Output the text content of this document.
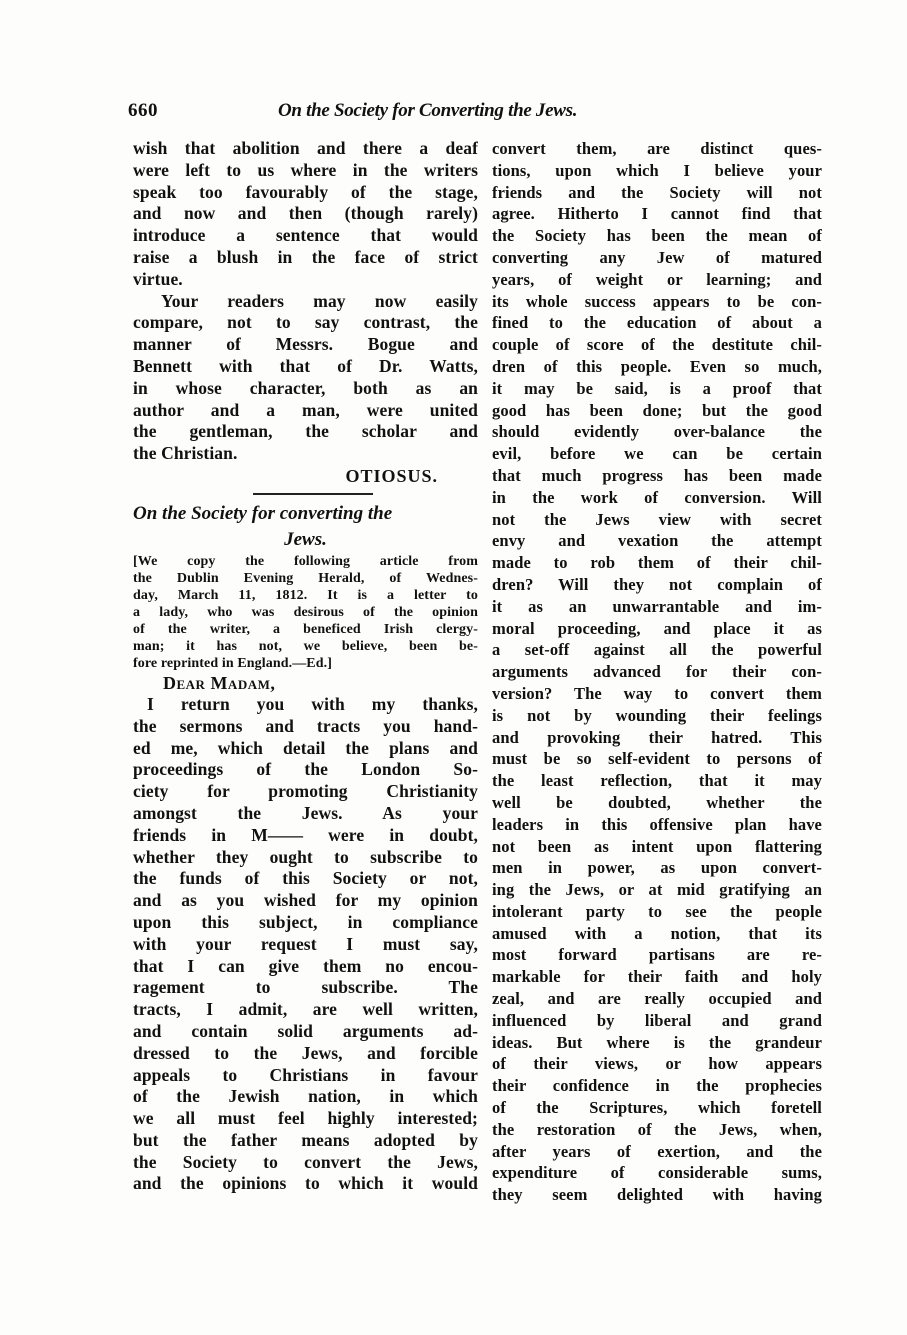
660	On the Society for Converting the Jews.
wish that abolition and there a deaf
were left to us where in the writers
speak too favourably of the stage,
and now and then (though rarely)
introduce a sentence that would
raise a blush in the face of strict
virtue.
Your readers may now easily
compare, not to say contrast, the
manner of Messrs. Bogue and
Bennett with that of Dr. Watts,
in whose character, both as an
author and a man, were united
the gentleman, the scholar and
the Christian.
OTIOSUS.
On the Society for converting the
Jews.
[We copy the following article from
the Dublin Evening Herald, of Wednes-
day, March 11, 1812. It is a letter to
a lady, who was desirous of the opinion
of the writer, a beneficed Irish clergy-
man; it has not, we believe, been be-
fore reprinted in England.—Ed.]
Dear Madam,
I return you with my thanks,
the sermons and tracts you hand-
ed me, which detail the plans and
proceedings of the London So-
ciety for promoting Christianity
amongst the Jews. As your
friends in M—— were in doubt,
whether they ought to subscribe to
the funds of this Society or not,
and as you wished for my opinion
upon this subject, in compliance
with your request I must say,
that I can give them no encou-
ragement to subscribe. The
tracts, I admit, are well written,
and contain solid arguments ad-
dressed to the Jews, and forcible
appeals to Christians in favour
of the Jewish nation, in which
we all must feel highly interested;
but the father means adopted by
the Society to convert the Jews,
and the opinions to which it would
convert them, are distinct ques-
tions, upon which I believe your
friends and the Society will not
agree. Hitherto I cannot find that
the Society has been the mean of
converting any Jew of matured
years, of weight or learning; and
its whole success appears to be con-
fined to the education of about a
couple of score of the destitute chil-
dren of this people. Even so much,
it may be said, is a proof that
good has been done; but the good
should evidently over-balance the
evil, before we can be certain
that much progress has been made
in the work of conversion. Will
not the Jews view with secret
envy and vexation the attempt
made to rob them of their chil-
dren? Will they not complain of
it as an unwarrantable and im-
moral proceeding, and place it as
a set-off against all the powerful
arguments advanced for their con-
version? The way to convert them
is not by wounding their feelings
and provoking their hatred. This
must be so self-evident to persons of
the least reflection, that it may
well be doubted, whether the
leaders in this offensive plan have
not been as intent upon flattering
men in power, as upon convert-
ing the Jews, or at mid gratifying an
intolerant party to see the people
amused with a notion, that its
most forward partisans are re-
markable for their faith and holy
zeal, and are really occupied and
influenced by liberal and grand
ideas. But where is the grandeur
of their views, or how appears
their confidence in the prophecies
of the Scriptures, which foretell
the restoration of the Jews, when,
after years of exertion, and the
expenditure of considerable sums,
they seem delighted with having
